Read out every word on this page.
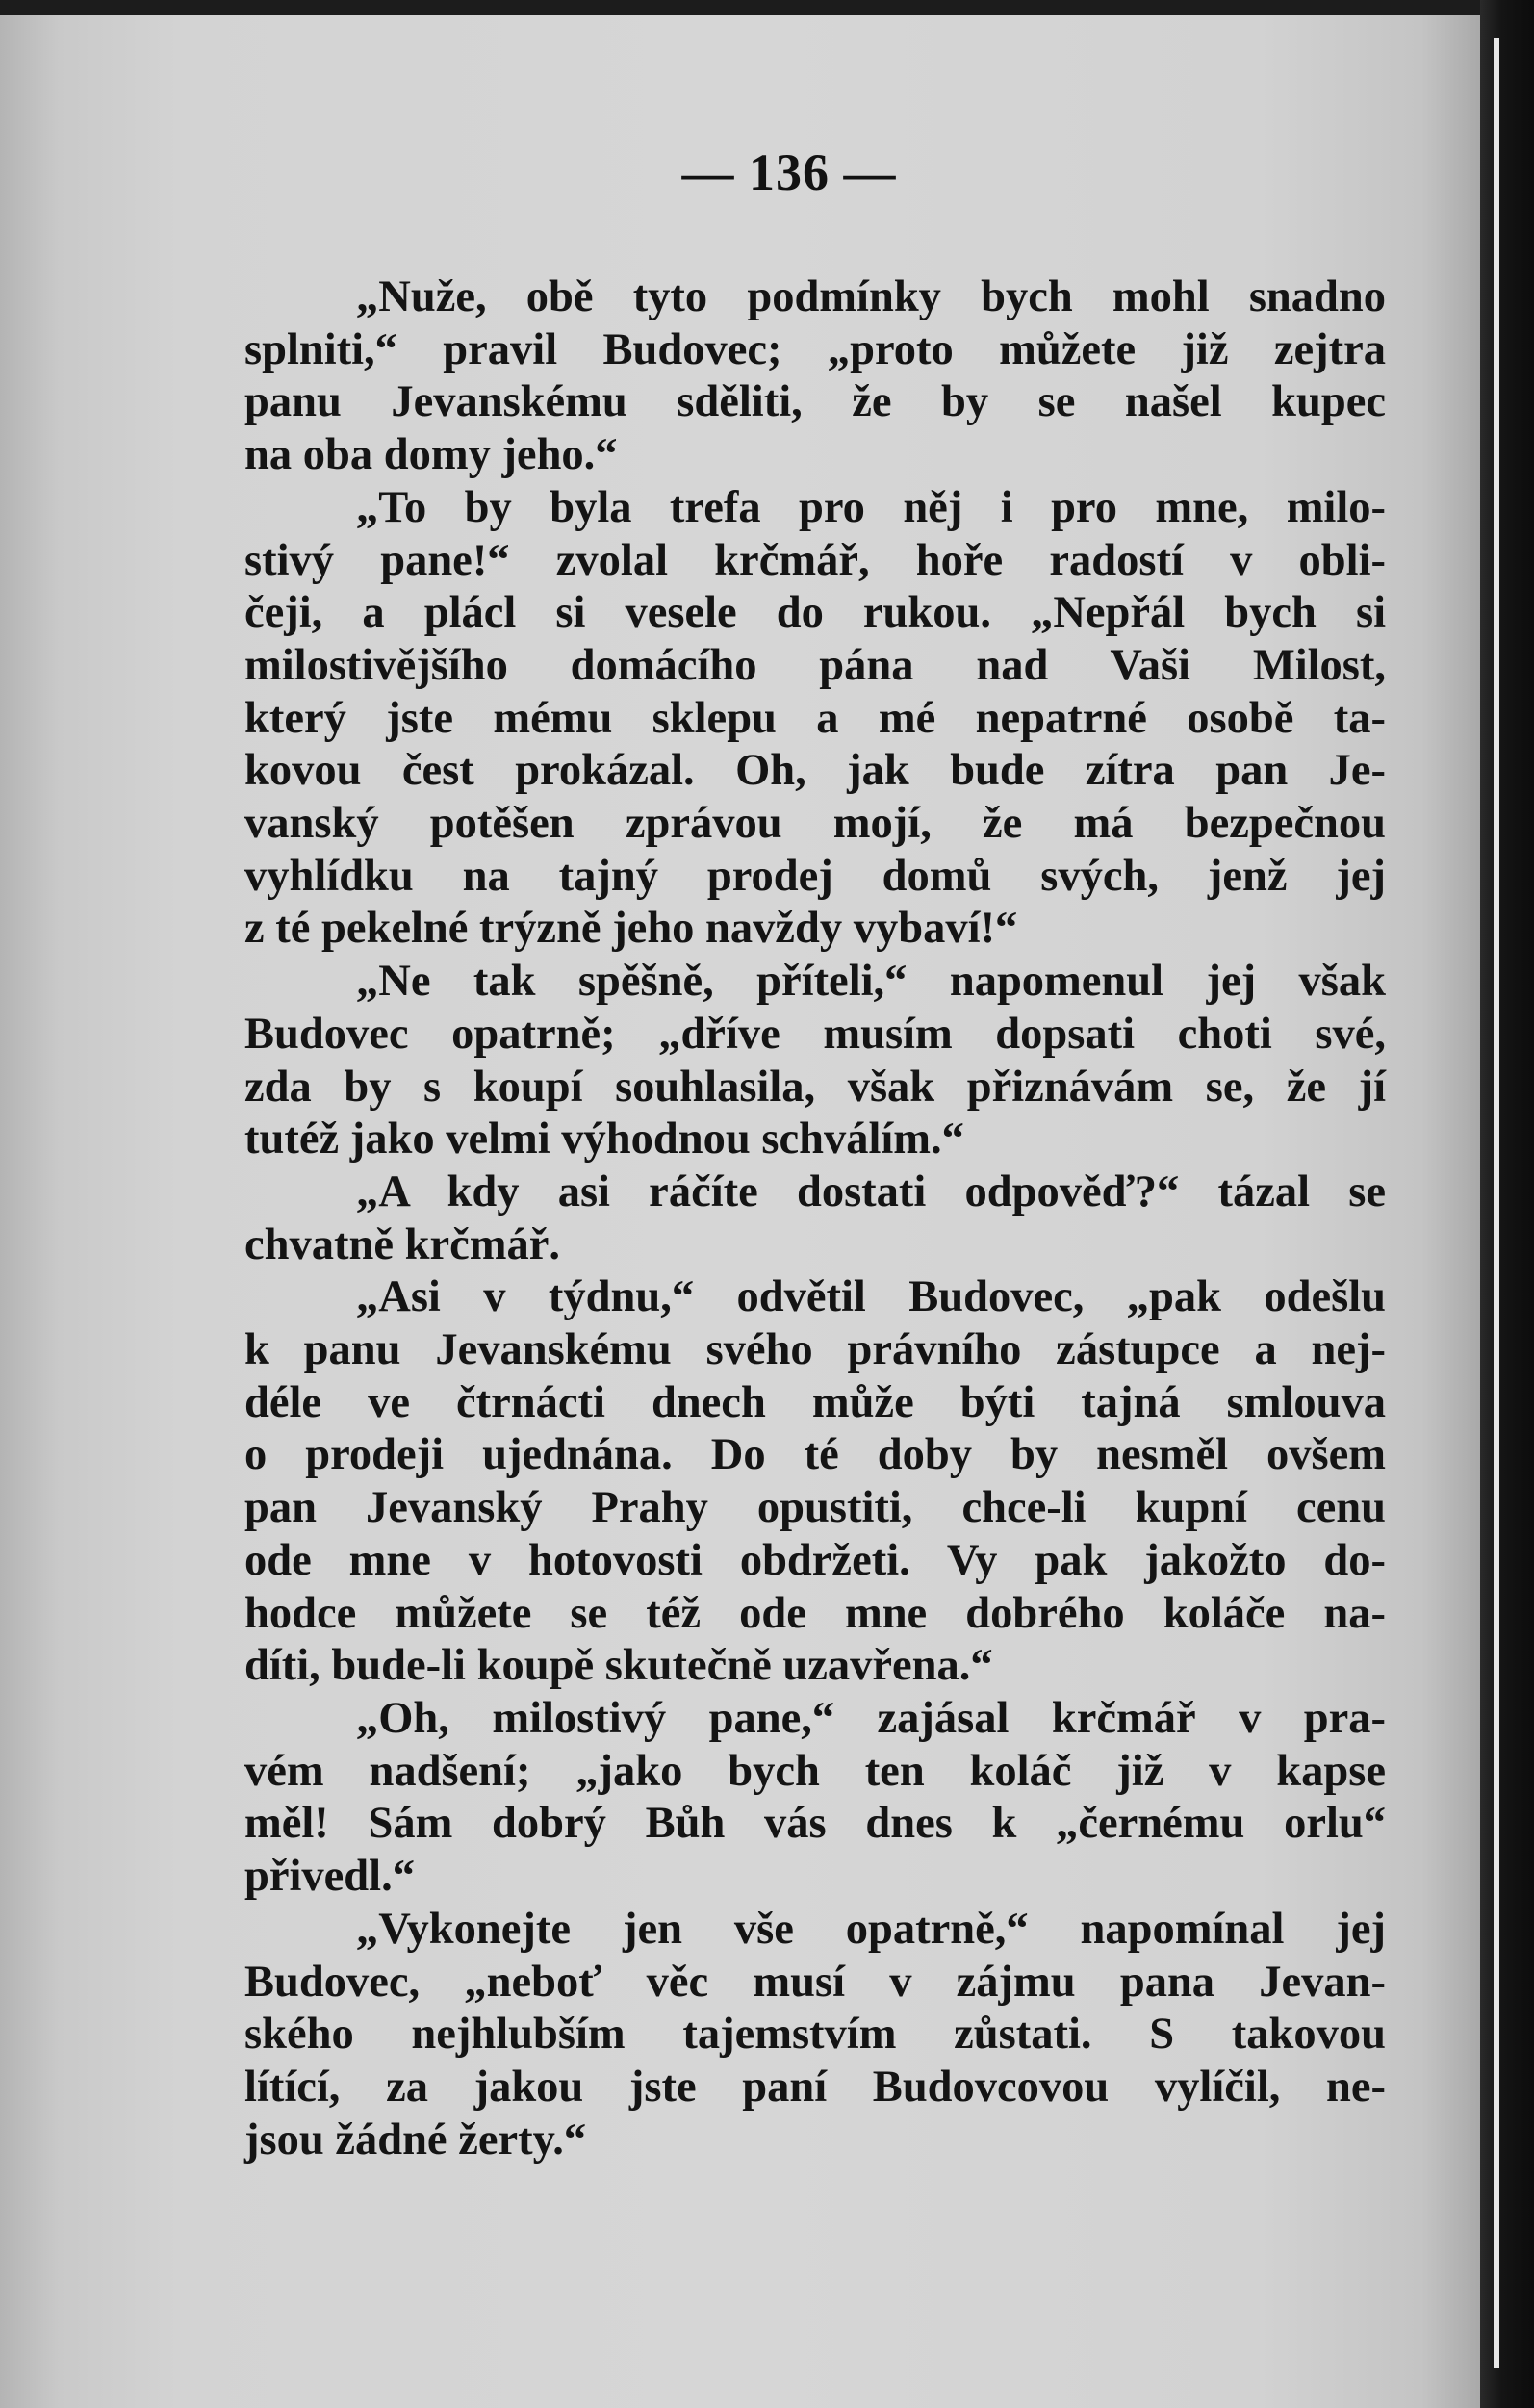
— 136 —
„Nuže, obě tyto podmínky bych mohl snadno
splniti,“ pravil Budovec; „proto můžete již zejtra
panu Jevanskému sděliti, že by se našel kupec
na oba domy jeho.“
„To by byla trefa pro něj i pro mne, milo-
stivý pane!“ zvolal krčmář, hoře radostí v obli-
čeji, a plácl si vesele do rukou. „Nepřál bych si
milostivějšího domácího pána nad Vaši Milost,
který jste mému sklepu a mé nepatrné osobě ta-
kovou čest prokázal. Oh, jak bude zítra pan Je-
vanský potěšen zprávou mojí, že má bezpečnou
vyhlídku na tajný prodej domů svých, jenž jej
z té pekelné trýzně jeho navždy vybaví!“
„Ne tak spěšně, příteli,“ napomenul jej však
Budovec opatrně; „dříve musím dopsati choti své,
zda by s koupí souhlasila, však přiznávám se, že jí
tutéž jako velmi výhodnou schválím.“
„A kdy asi ráčíte dostati odpověď?“ tázal se
chvatně krčmář.
„Asi v týdnu,“ odvětil Budovec, „pak odešlu
k panu Jevanskému svého právního zástupce a nej-
déle ve čtrnácti dnech může býti tajná smlouva
o prodeji ujednána. Do té doby by nesměl ovšem
pan Jevanský Prahy opustiti, chce-li kupní cenu
ode mne v hotovosti obdržeti. Vy pak jakožto do-
hodce můžete se též ode mne dobrého koláče na-
díti, bude-li koupě skutečně uzavřena.“
„Oh, milostivý pane,“ zajásal krčmář v pra-
vém nadšení; „jako bych ten koláč již v kapse
měl! Sám dobrý Bůh vás dnes k „černému orlu“
přivedl.“
„Vykonejte jen vše opatrně,“ napomínal jej
Budovec, „neboť věc musí v zájmu pana Jevan-
ského nejhlubším tajemstvím zůstati. S takovou
lítící, za jakou jste paní Budovcovou vylíčil, ne-
jsou žádné žerty.“
